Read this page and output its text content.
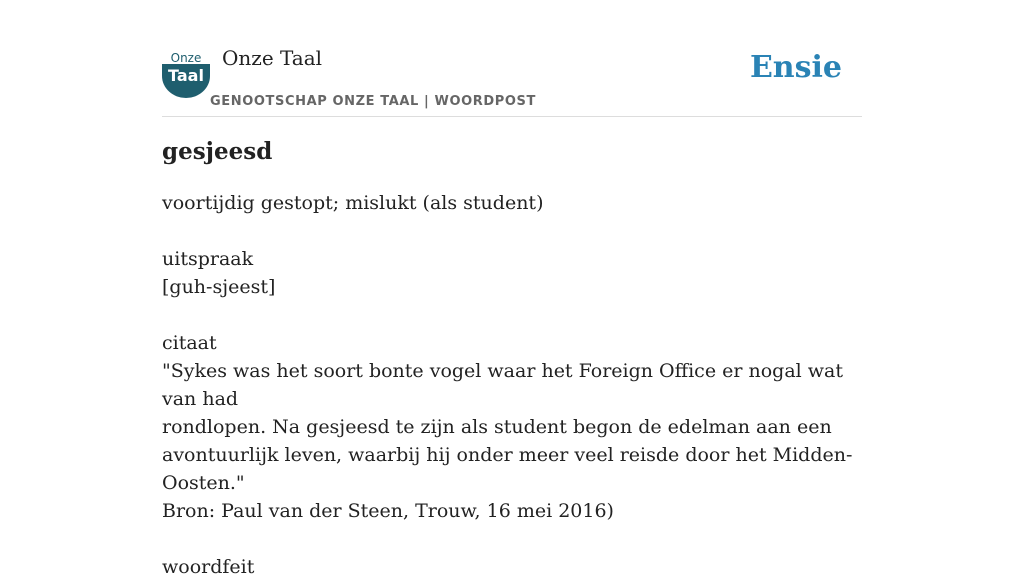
Onze
Taal
Onze Taal
GENOOTSCHAP ONZE TAAL | WOORDPOST
Ensie
gesjeesd
voortijdig gestopt; mislukt (als student)
uitspraak
[guh-sjeest]
citaat
"Sykes was het soort bonte vogel waar het Foreign Office er nogal wat van had
rondlopen. Na gesjeesd te zijn als student begon de edelman aan een
avontuurlijk leven, waarbij hij onder meer veel reisde door het Midden-Oosten."
Bron: Paul van der Steen, Trouw, 16 mei 2016)
woordfeit
